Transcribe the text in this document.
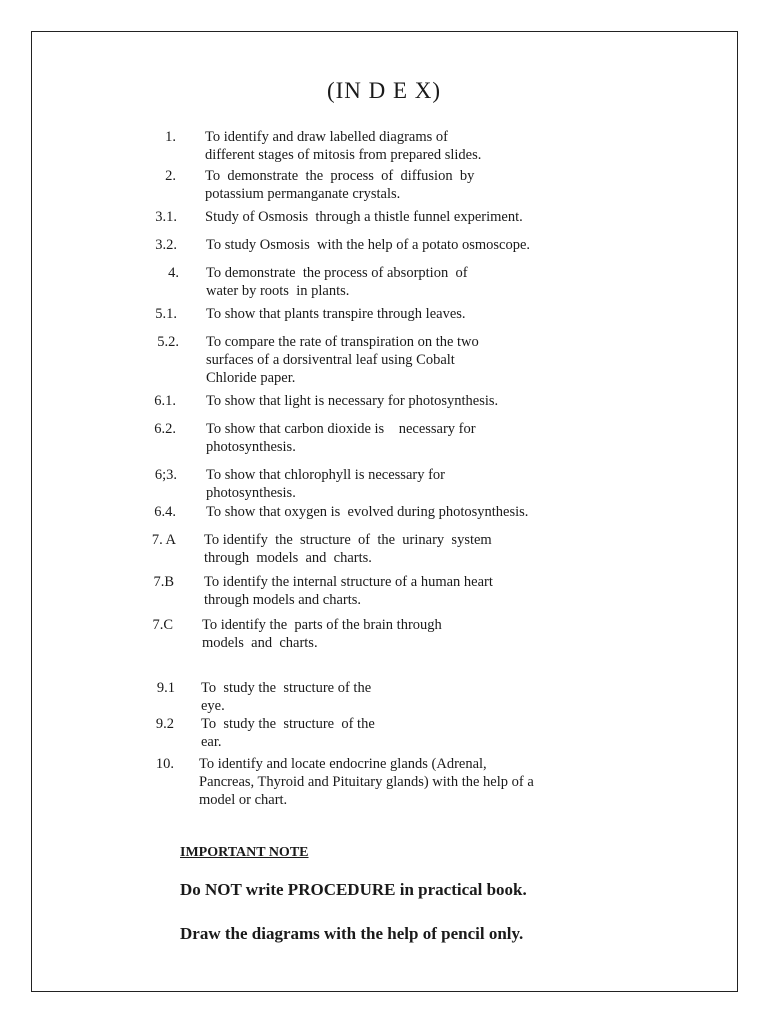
(IN D E X)
1. To identify and draw labelled diagrams of
different stages of mitosis from prepared slides.
2. To  demonstrate  the  process  of  diffusion  by
potassium permanganate crystals.
3.1. Study of Osmosis  through a thistle funnel experiment.
3.2. To study Osmosis  with the help of a potato osmoscope.
4. To demonstrate  the process of absorption  of
water by roots  in plants.
5.1. To show that plants transpire through leaves.
5.2. To compare the rate of transpiration on the two
surfaces of a dorsiventral leaf using Cobalt
Chloride paper.
6.1. To show that light is necessary for photosynthesis.
6.2. To show that carbon dioxide is    necessary for
photosynthesis.
6;3. To show that chlorophyll is necessary for
photosynthesis.
6.4. To show that oxygen is  evolved during photosynthesis.
7. A To identify  the  structure  of  the  urinary  system
through  models  and  charts.
7.B To identify the internal structure of a human heart
through models and charts.
7.C To identify the  parts of the brain through
models  and  charts.
9.1 To  study the  structure of the
eye.
9.2 To  study the  structure  of the
ear.
10. To identify and locate endocrine glands (Adrenal,
Pancreas, Thyroid and Pituitary glands) with the help of a
model or chart.
IMPORTANT NOTE
Do NOT write PROCEDURE in practical book.
Draw the diagrams with the help of pencil only.
